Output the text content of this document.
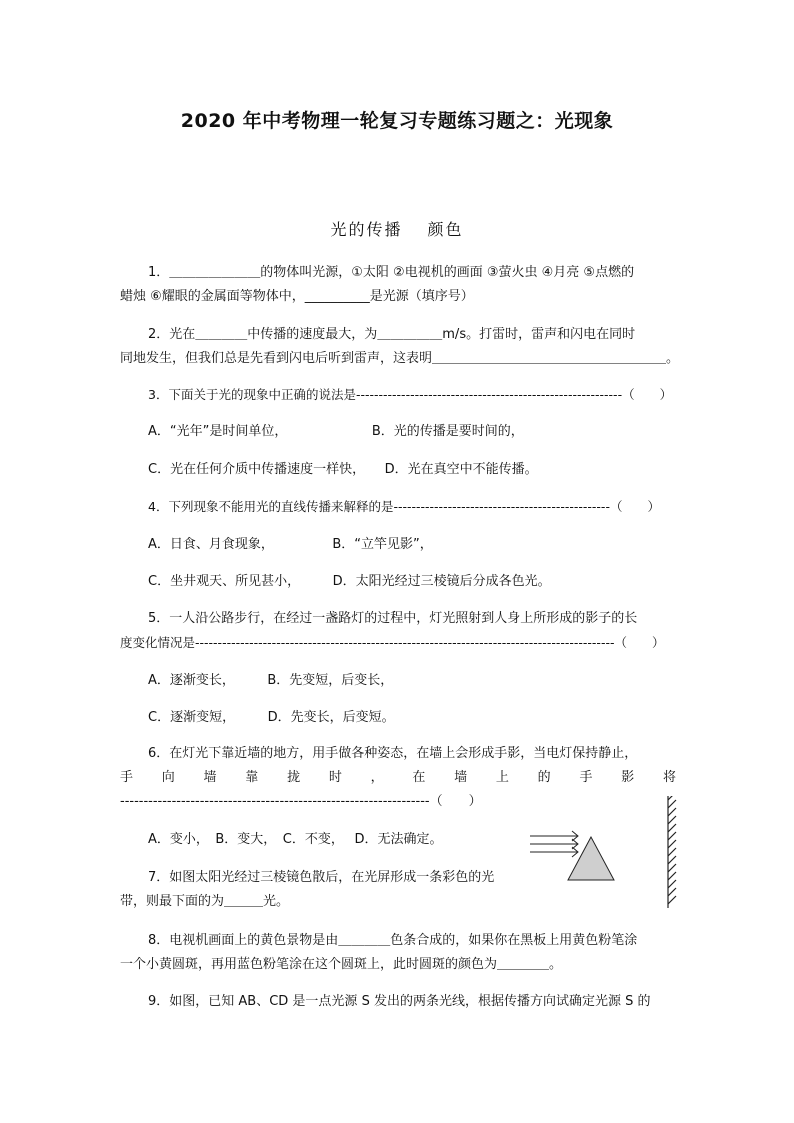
2020 年中考物理一轮复习专题练习题之：光现象
光的传播　 颜色
1．＿＿＿＿＿＿＿的物体叫光源，①太阳 ②电视机的画面 ③萤火虫 ④月亮 ⑤点燃的
蜡烛 ⑥耀眼的金属面等物体中，__________是光源（填序号）
2．光在＿＿＿＿中传播的速度最大，为＿＿＿＿＿m/s。打雷时，雷声和闪电在同时
同地发生，但我们总是先看到闪电后听到雷声，这表明＿＿＿＿＿＿＿＿＿＿＿＿＿＿＿＿＿＿。
3．下面关于光的现象中正确的说法是-----------------------------------------------------------（　　）
A．“光年”是时间单位，　　　　　　　B．光的传播是要时间的，
C．光在任何介质中传播速度一样快，　　D．光在真空中不能传播。
4．下列现象不能用光的直线传播来解释的是------------------------------------------------（　　）
A．日食、月食现象，　　　　　B．“立竿见影”，
C．坐井观天、所见甚小，　　　D．太阳光经过三棱镜后分成各色光。
5．一人沿公路步行，在经过一盏路灯的过程中，灯光照射到人身上所形成的影子的长
度变化情况是---------------------------------------------------------------------------------------------（　　）
A．逐渐变长，　　　B．先变短，后变长，
C．逐渐变短，　　　D．先变长，后变短。
6．在灯光下靠近墙的地方，用手做各种姿态，在墙上会形成手影，当电灯保持静止，
手 向 墙 靠 拢 时 ， 在 墙 上 的 手 影 将
------------------------------------------------------------------（　　）
A．变小，　B．变大，　C．不变，　 D．无法确定。
7．如图太阳光经过三棱镜色散后，在光屏形成一条彩色的光
带，则最下面的为＿＿＿光。
8．电视机画面上的黄色景物是由＿＿＿＿色条合成的，如果你在黑板上用黄色粉笔涂
一个小黄圆斑，再用蓝色粉笔涂在这个圆斑上，此时圆斑的颜色为＿＿＿＿。
9．如图，已知 AB、CD 是一点光源 S 发出的两条光线，根据传播方向试确定光源 S 的
